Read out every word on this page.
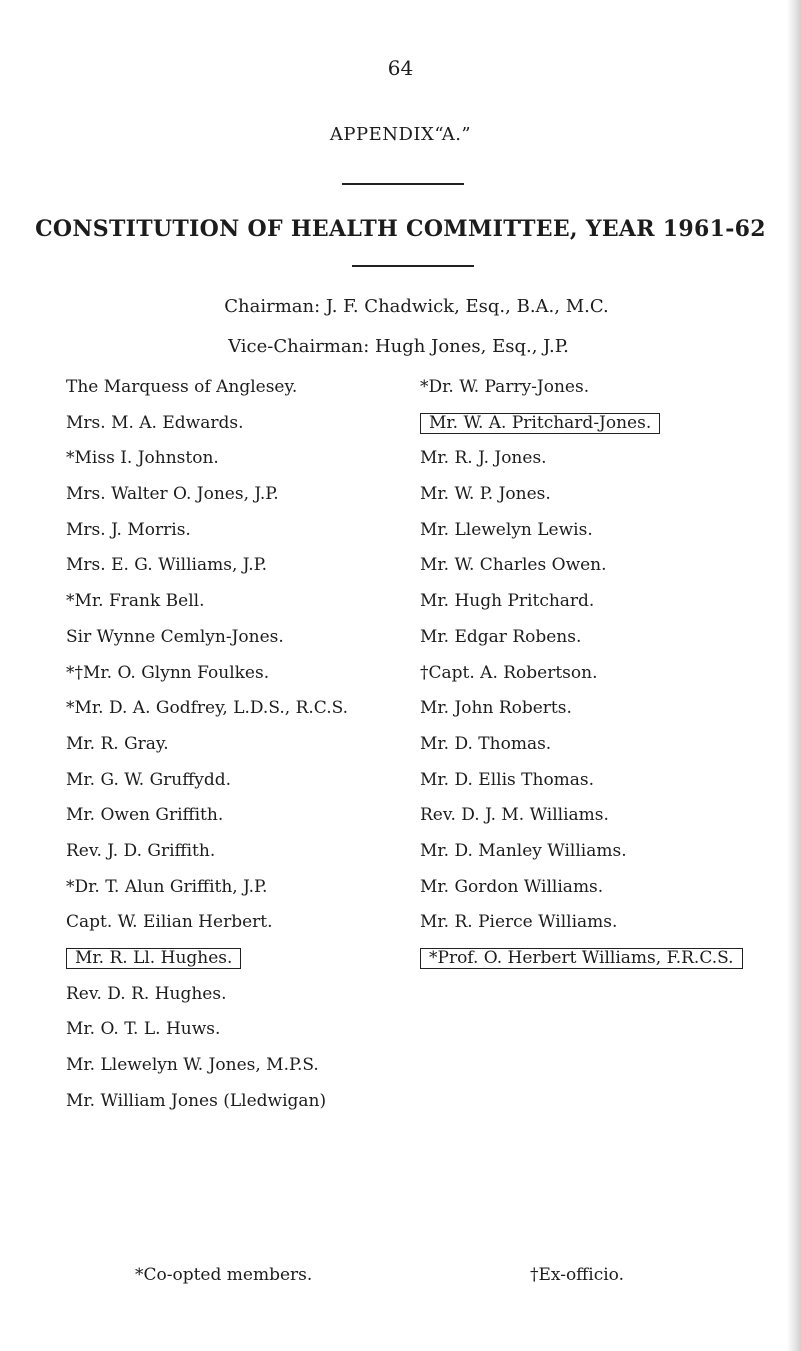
64
APPENDIX“A.”
CONSTITUTION OF HEALTH COMMITTEE, YEAR 1961-62
Chairman: J. F. Chadwick, Esq., B.A., M.C.
Vice-Chairman: Hugh Jones, Esq., J.P.
The Marquess of Anglesey.
Mrs. M. A. Edwards.
*Miss I. Johnston.
Mrs. Walter O. Jones, J.P.
Mrs. J. Morris.
Mrs. E. G. Williams, J.P.
*Mr. Frank Bell.
Sir Wynne Cemlyn-Jones.
*†Mr. O. Glynn Foulkes.
*Mr. D. A. Godfrey, L.D.S., R.C.S.
Mr. R. Gray.
Mr. G. W. Gruffydd.
Mr. Owen Griffith.
Rev. J. D. Griffith.
*Dr. T. Alun Griffith, J.P.
Capt. W. Eilian Herbert.
Mr. R. Ll. Hughes.
Rev. D. R. Hughes.
Mr. O. T. L. Huws.
Mr. Llewelyn W. Jones, M.P.S.
Mr. William Jones (Lledwigan)
*Dr. W. Parry-Jones.
Mr. W. A. Pritchard-Jones.
Mr. R. J. Jones.
Mr. W. P. Jones.
Mr. Llewelyn Lewis.
Mr. W. Charles Owen.
Mr. Hugh Pritchard.
Mr. Edgar Robens.
†Capt. A. Robertson.
Mr. John Roberts.
Mr. D. Thomas.
Mr. D. Ellis Thomas.
Rev. D. J. M. Williams.
Mr. D. Manley Williams.
Mr. Gordon Williams.
Mr. R. Pierce Williams.
*Prof. O. Herbert Williams, F.R.C.S.
*Co-opted members.	†Ex-officio.
